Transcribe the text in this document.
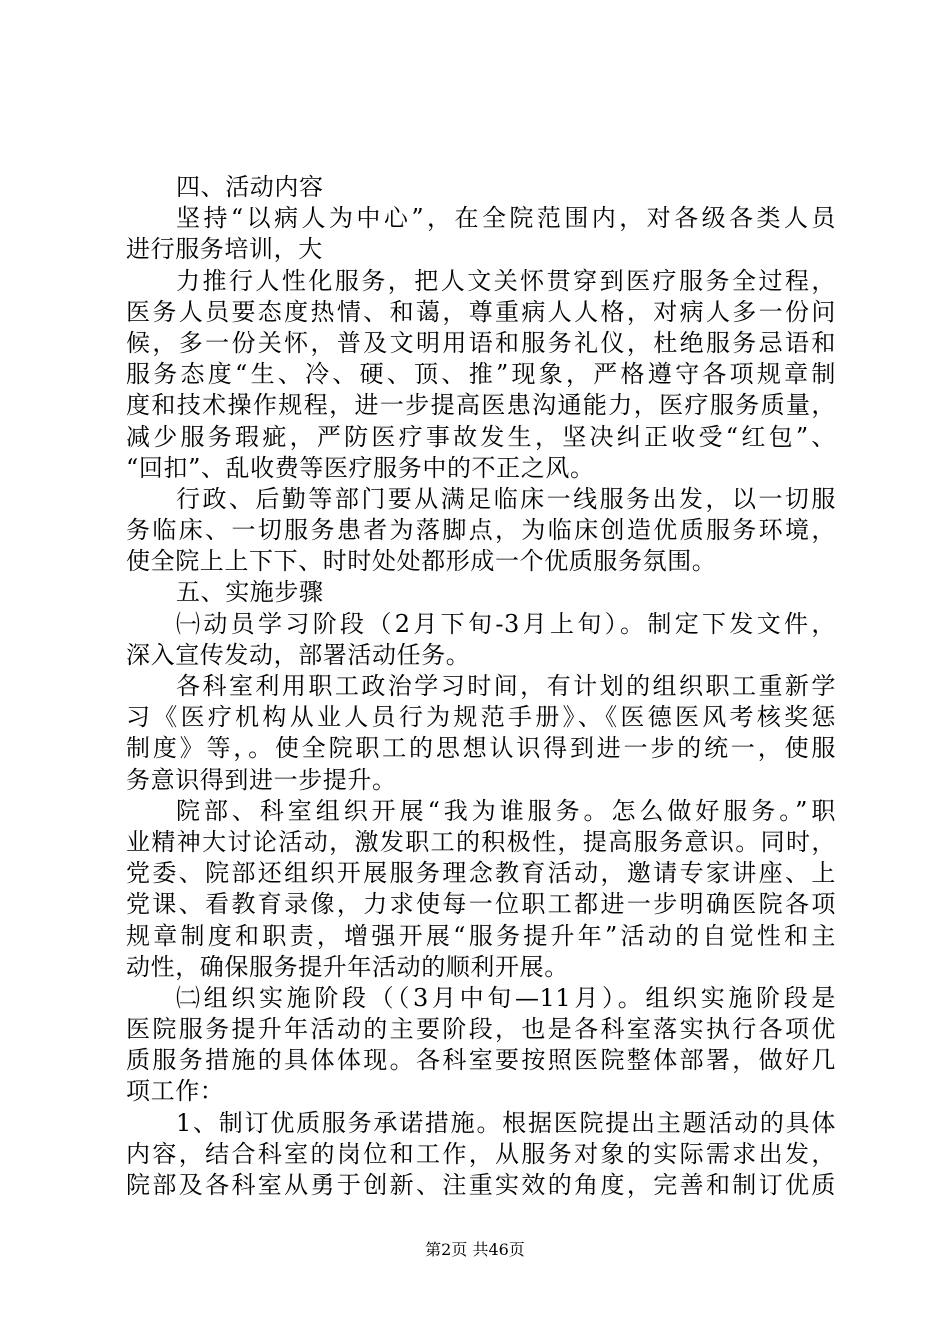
四、活动内容
坚持“以病人为中心”，在全院范围内，对各级各类人员
进行服务培训，大
力推行人性化服务，把人文关怀贯穿到医疗服务全过程，
医务人员要态度热情、和蔼，尊重病人人格，对病人多一份问
候，多一份关怀，普及文明用语和服务礼仪，杜绝服务忌语和
服务态度“生、冷、硬、顶、推”现象，严格遵守各项规章制
度和技术操作规程，进一步提高医患沟通能力，医疗服务质量，
减少服务瑕疵，严防医疗事故发生，坚决纠正收受“红包”、
“回扣”、乱收费等医疗服务中的不正之风。
行政、后勤等部门要从满足临床一线服务出发，以一切服
务临床、一切服务患者为落脚点，为临床创造优质服务环境，
使全院上上下下、时时处处都形成一个优质服务氛围。
五、实施步骤
㈠动员学习阶段（2月下旬-3月上旬）。制定下发文件，
深入宣传发动，部署活动任务。
各科室利用职工政治学习时间，有计划的组织职工重新学
习《医疗机构从业人员行为规范手册》、《医德医风考核奖惩
制度》等，。使全院职工的思想认识得到进一步的统一，使服
务意识得到进一步提升。
院部、科室组织开展“我为谁服务。怎么做好服务。”职
业精神大讨论活动，激发职工的积极性，提高服务意识。同时，
党委、院部还组织开展服务理念教育活动，邀请专家讲座、上
党课、看教育录像，力求使每一位职工都进一步明确医院各项
规章制度和职责，增强开展“服务提升年”活动的自觉性和主
动性，确保服务提升年活动的顺利开展。
㈡组织实施阶段（（3月中旬—11月）。组织实施阶段是
医院服务提升年活动的主要阶段，也是各科室落实执行各项优
质服务措施的具体体现。各科室要按照医院整体部署，做好几
项工作：
1、制订优质服务承诺措施。根据医院提出主题活动的具体
内容，结合科室的岗位和工作，从服务对象的实际需求出发，
院部及各科室从勇于创新、注重实效的角度，完善和制订优质
第2页 共46页
